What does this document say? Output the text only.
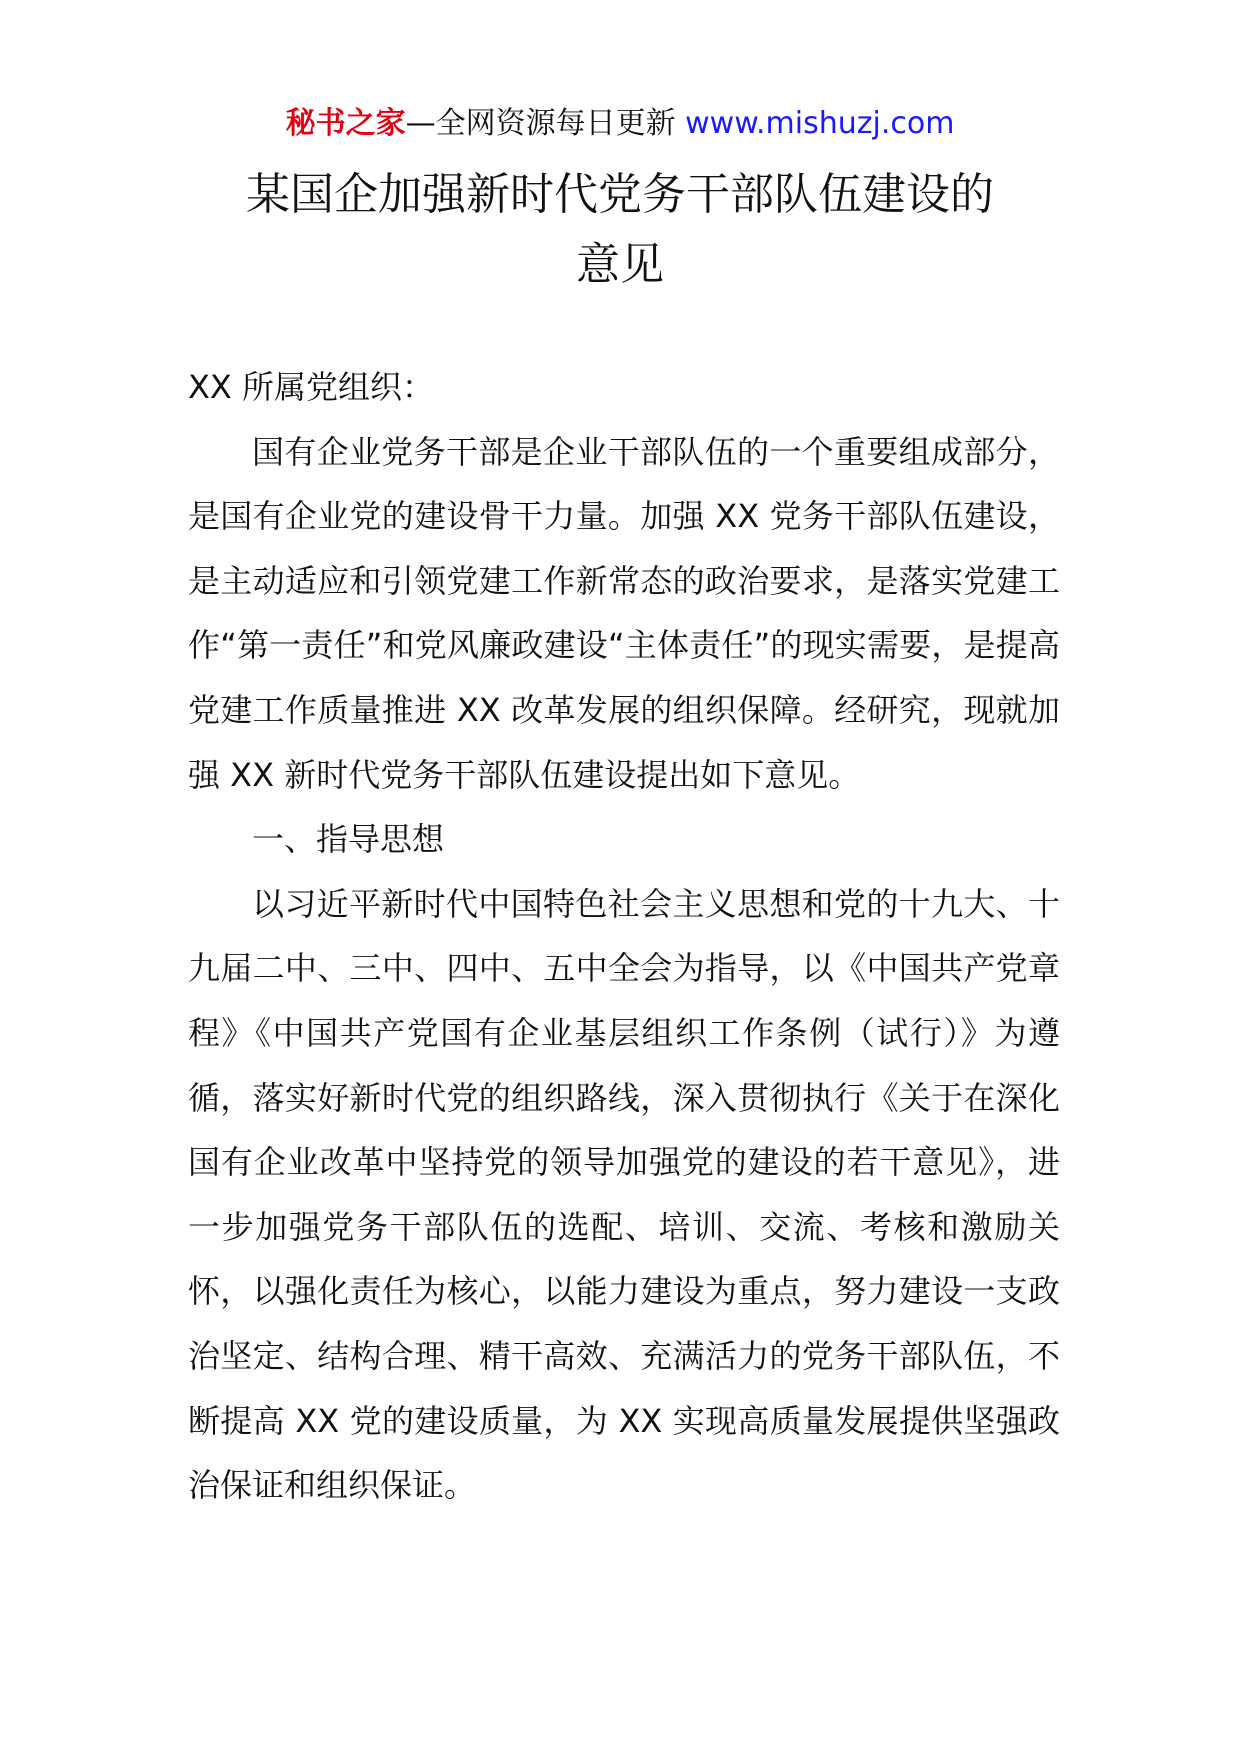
秘书之家—全网资源每日更新 www.mishuzj.com
某国企加强新时代党务干部队伍建设的
意见

XX 所属党组织：

国有企业党务干部是企业干部队伍的一个重要组成部分，是国有企业党的建设骨干力量。加强 XX 党务干部队伍建设，是主动适应和引领党建工作新常态的政治要求，是落实党建工作“第一责任”和党风廉政建设“主体责任”的现实需要，是提高党建工作质量推进 XX 改革发展的组织保障。经研究，现就加强 XX 新时代党务干部队伍建设提出如下意见。

一、指导思想

以习近平新时代中国特色社会主义思想和党的十九大、十九届二中、三中、四中、五中全会为指导，以《中国共产党章程》《中国共产党国有企业基层组织工作条例（试行）》为遵循，落实好新时代党的组织路线，深入贯彻执行《关于在深化国有企业改革中坚持党的领导加强党的建设的若干意见》，进一步加强党务干部队伍的选配、培训、交流、考核和激励关怀，以强化责任为核心，以能力建设为重点，努力建设一支政治坚定、结构合理、精干高效、充满活力的党务干部队伍，不断提高 XX 党的建设质量，为 XX 实现高质量发展提供坚强政治保证和组织保证。
